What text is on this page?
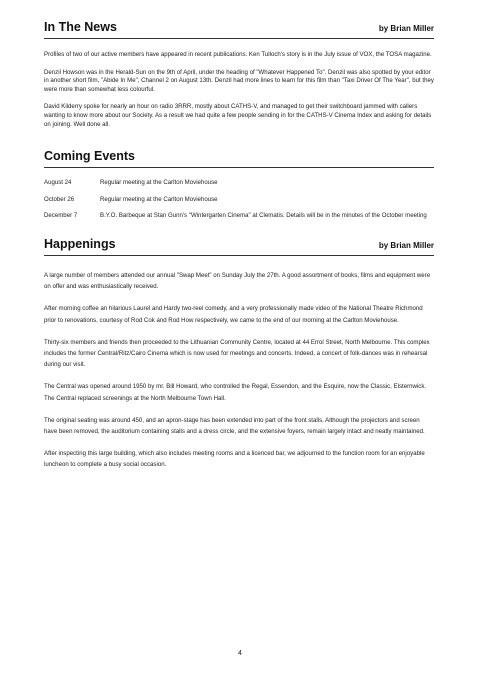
In The News	by Brian Miller

Profiles of two of our active members have appeared in recent publications. Ken Tulloch's story is in the July issue of VOX, the TOSA magazine.

Denzil Howson was in the Herald-Sun on the 9th of April, under the heading of "Whatever Happened To". Denzil was also spotted by your editor in another short film, "Abide In Me", Channel 2 on August 13th. Denzil had more lines to learn for this film than "Taxi Driver Of The Year", but they were more than somewhat less colourful.

David Kilderry spoke for nearly an hour on radio 3RRR, mostly about CATHS-V, and managed to get their switchboard jammed with callers wanting to know more about our Society. As a result we had quite a few people sending in for the CATHS-V Cinema Index and asking for details on joining. Well done all.

Coming Events
August 24	Regular meeting at the Carlton Moviehouse
October 26	Regular meeting at the Carlton Moviehouse
December 7	B.Y.O. Barbeque at Stan Gunn's "Wintergarten Cinema" at Clematis. Details will be in the minutes of the October meeting
Happenings	by Brian Miller

A large number of members attended our annual "Swap Meet" on Sunday July the 27th. A good assortment of books, films and equipment were on offer and was enthusiastically received.

After morning coffee an hilarious Laurel and Hardy two-reel comedy, and a very professionally made video of the National Theatre Richmond prior to renovations, courtesy of Rod Cok and Rod How respectively, we came to the end of our morning at the Carlton Moviehouse.

Thirty-six members and friends then proceeded to the Lithuanian Community Centre, located at 44 Errol Street, North Melbourne. This complex includes the former Central/Ritz/Cairo Cinema which is now used for meetings and concerts. Indeed, a concert of folk-dances was in rehearsal during our visit.

The Central was opened around 1950 by mr. Bill Howard, who controlled the Regal, Essendon, and the Esquire, now the Classic, Elsternwick. The Central replaced screenings at the North Melbourne Town Hall.

The original seating was around 450, and an apron-stage has been extended into part of the front stalls. Although the projectors and screen have been removed, the auditorium containing stalls and a dress circle, and the extensive foyers, remain largely intact and neatly maintained.

After inspecting this large building, which also includes meeting rooms and a licenced bar, we adjourned to the function room for an enjoyable luncheon to complete a busy social occasion.

4
